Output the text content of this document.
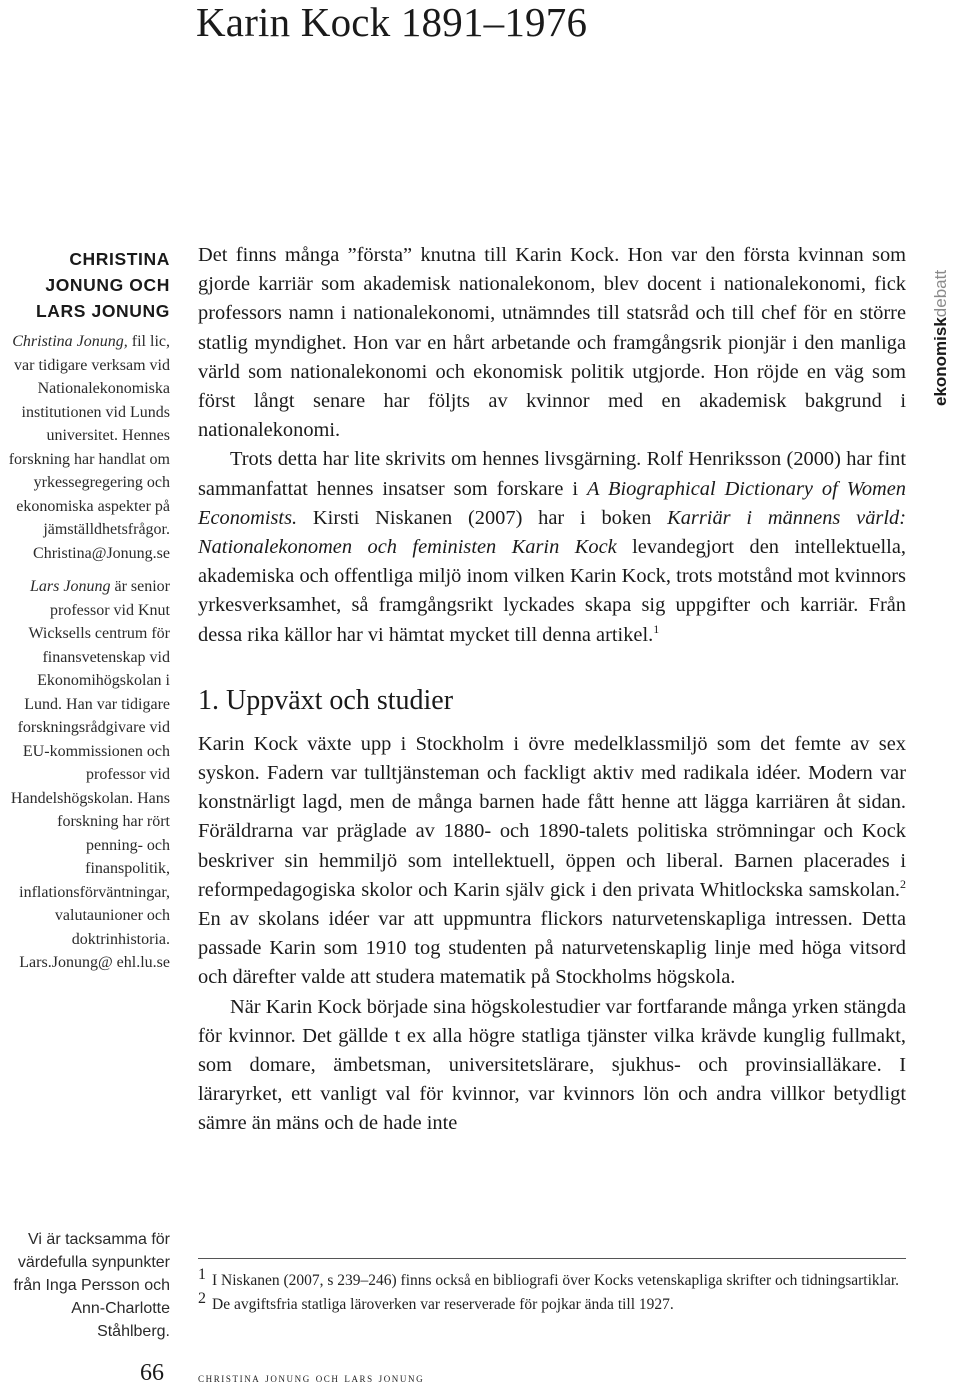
Karin Kock 1891–1976
CHRISTINA
JONUNG OCH
LARS JONUNG

Christina Jonung, fil lic, var tidigare verksam vid Nationalekonomiska institutionen vid Lunds universitet. Hennes forskning har handlat om yrkessegregering och ekonomiska aspekter på jämställdhetsfrågor. Christina@Jonung.se

Lars Jonung är senior professor vid Knut Wicksells centrum för finansvetenskap vid Ekonomihögskolan i Lund. Han var tidigare forskningsrådgivare vid EU-kommissionen och professor vid Handelshögskolan. Hans forskning har rört penning- och finanspolitik, inflationsförväntningar, valutaunioner och doktrinhistoria. Lars.Jonung@ ehl.lu.se

Vi är tacksamma för värdefulla synpunkter från Inga Persson och Ann-Charlotte Ståhlberg.
ekonomiskdebatt

Det finns många ”första” knutna till Karin Kock. Hon var den första kvinnan som gjorde karriär som akademisk nationalekonom, blev docent i nationalekonomi, fick professors namn i nationalekonomi, utnämndes till statsråd och till chef för en större statlig myndighet. Hon var en hårt arbetande och framgångsrik pionjär i den manliga värld som nationalekonomi och ekonomisk politik utgjorde. Hon röjde en väg som först långt senare har följts av kvinnor med en akademisk bakgrund i nationalekonomi.

Trots detta har lite skrivits om hennes livsgärning. Rolf Henriksson (2000) har fint sammanfattat hennes insatser som forskare i A Biographical Dictionary of Women Economists. Kirsti Niskanen (2007) har i boken Karriär i männens värld: Nationalekonomen och feministen Karin Kock levandegjort den intellektuella, akademiska och offentliga miljö inom vilken Karin Kock, trots motstånd mot kvinnors yrkesverksamhet, så framgångsrikt lyckades skapa sig uppgifter och karriär. Från dessa rika källor har vi hämtat mycket till denna artikel.$^1$

1. Uppväxt och studier

Karin Kock växte upp i Stockholm i övre medelklassmiljö som det femte av sex syskon. Fadern var tulltjänsteman och fackligt aktiv med radikala idéer. Modern var konstnärligt lagd, men de många barnen hade fått henne att lägga karriären åt sidan. Föräldrarna var präglade av 1880- och 1890-talets politiska strömningar och Kock beskriver sin hemmiljö som intellektuell, öppen och liberal. Barnen placerades i reformpedagogiska skolor och Karin själv gick i den privata Whitlockska samskolan.$^2$ En av skolans idéer var att uppmuntra flickors naturvetenskapliga intressen. Detta passade Karin som 1910 tog studenten på naturvetenskaplig linje med höga vitsord och därefter valde att studera matematik på Stockholms högskola.

När Karin Kock började sina högskolestudier var fortfarande många yrken stängda för kvinnor. Det gällde t ex alla högre statliga tjänster vilka krävde kunglig fullmakt, som domare, ämbetsman, universitetslärare, sjukhus- och provinsialläkare. I läraryrket, ett vanligt val för kvinnor, var kvinnors lön och andra villkor betydligt sämre än mäns och de hade inte

1 I Niskanen (2007, s 239–246) finns också en bibliografi över Kocks vetenskapliga skrifter och tidningsartiklar.
2 De avgiftsfria statliga läroverken var reserverade för pojkar ända till 1927.
66	christina jonung och lars jonung
